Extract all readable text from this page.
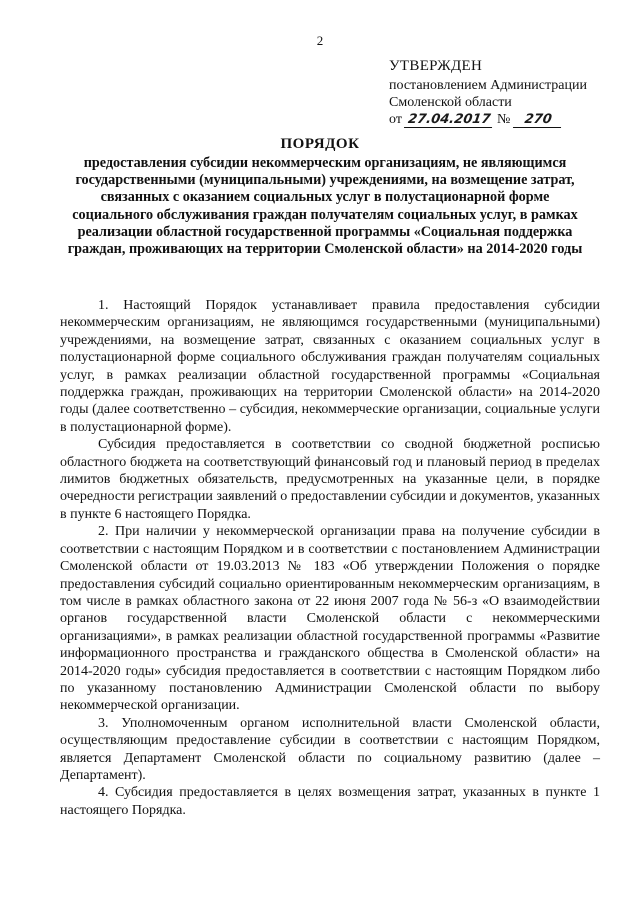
2
УТВЕРЖДЕН
постановлением Администрации
Смоленской области
от 27.04.2017 № 270
ПОРЯДОК
предоставления субсидии некоммерческим организациям, не являющимся государственными (муниципальными) учреждениями, на возмещение затрат, связанных с оказанием социальных услуг в полустационарной форме социального обслуживания граждан получателям социальных услуг, в рамках реализации областной государственной программы «Социальная поддержка граждан, проживающих на территории Смоленской области» на 2014-2020 годы

1. Настоящий Порядок устанавливает правила предоставления субсидии некоммерческим организациям, не являющимся государственными (муниципальными) учреждениями, на возмещение затрат, связанных с оказанием социальных услуг в полустационарной форме социального обслуживания граждан получателям социальных услуг, в рамках реализации областной государственной программы «Социальная поддержка граждан, проживающих на территории Смоленской области» на 2014-2020 годы (далее соответственно – субсидия, некоммерческие организации, социальные услуги в полустационарной форме).

Субсидия предоставляется в соответствии со сводной бюджетной росписью областного бюджета на соответствующий финансовый год и плановый период в пределах лимитов бюджетных обязательств, предусмотренных на указанные цели, в порядке очередности регистрации заявлений о предоставлении субсидии и документов, указанных в пункте 6 настоящего Порядка.

2. При наличии у некоммерческой организации права на получение субсидии в соответствии с настоящим Порядком и в соответствии с постановлением Администрации Смоленской области от 19.03.2013 № 183 «Об утверждении Положения о порядке предоставления субсидий социально ориентированным некоммерческим организациям, в том числе в рамках областного закона от 22 июня 2007 года № 56-з «О взаимодействии органов государственной власти Смоленской области с некоммерческими организациями», в рамках реализации областной государственной программы «Развитие информационного пространства и гражданского общества в Смоленской области» на 2014-2020 годы» субсидия предоставляется в соответствии с настоящим Порядком либо по указанному постановлению Администрации Смоленской области по выбору некоммерческой организации.

3. Уполномоченным органом исполнительной власти Смоленской области, осуществляющим предоставление субсидии в соответствии с настоящим Порядком, является Департамент Смоленской области по социальному развитию (далее – Департамент).

4. Субсидия предоставляется в целях возмещения затрат, указанных в пункте 1 настоящего Порядка.
